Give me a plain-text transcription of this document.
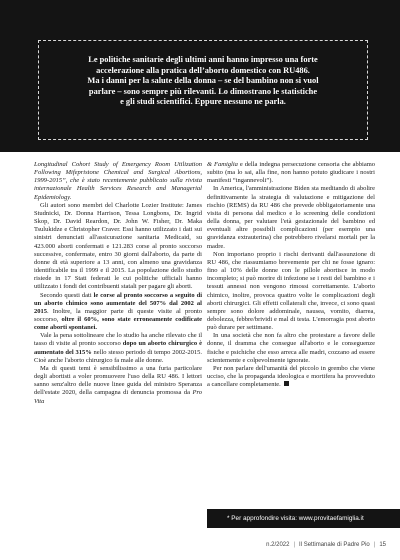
Le politiche sanitarie degli ultimi anni hanno impresso una forte
accelerazione alla pratica dell’aborto domestico con RU486.
Ma i danni per la salute della donna – se del bambino non si vuol
parlare – sono sempre più rilevanti. Lo dimostrano le statistiche
e gli studi scientifici. Eppure nessuno ne parla.

Longitudinal Cohort Study of Emergency Room Utilization Following Mifepristone Chemical and Surgical Abortions, 1999-2015”, che è stato recentemente pubblicato sulla rivista internazionale Health Services Research and Managerial Epidemiology.

Gli autori sono membri del Charlotte Lozier Institute: James Studnicki, Dr. Donna Harrison, Tessa Longbons, Dr. Ingrid Skop, Dr. David Reardon, Dr. John W. Fisher, Dr. Maka Tsulukidze e Christopher Craver. Essi hanno utilizzato i dati sui sinistri denunciati all'assicurazione sanitaria Medicaid, su 423.000 aborti confermati e 121.283 corse al pronto soccorso successive, confermate, entro 30 giorni dall'aborto, da parte di donne di età superiore a 13 anni, con almeno una gravidanza identificabile tra il 1999 e il 2015. La popolazione dello studio risiede in 17 Stati federati le cui politiche ufficiali hanno utilizzato i fondi dei contribuenti statali per pagare gli aborti.

Secondo questi dati le corse al pronto soccorso a seguito di un aborto chimico sono aumentate del 507% dal 2002 al 2015. Inoltre, la maggior parte di queste visite al pronto soccorso, oltre il 60%, sono state erroneamente codificate come aborti spontanei.

Vale la pena sottolineare che lo studio ha anche rilevato che il tasso di visite al pronto soccorso dopo un aborto chirurgico è aumentato del 315% nello stesso periodo di tempo 2002-2015. Cioè anche l'aborto chirurgico fa male alle donne.

Ma di questi temi è sensibilissimo a una furia particolare degli abortisti a voler promuovere l'uso della RU 486. I lettori sanno senz'altro delle nuove linee guida del ministro Speranza dell'estate 2020, della campagna di denuncia promossa da Pro Vita

& Famiglia e della indegna persecuzione censoria che abbiamo subito (ma lo sai, alla fine, non hanno potuto giudicare i nostri manifesti “ingannevoli”).

In America, l'amministrazione Biden sta meditando di abolire definitivamente la strategia di valutazione e mitigazione del rischio (REMS) da RU 486 che prevede obbligatoriamente una visita di persona dal medico e lo screening delle condizioni della donna, per valutare l'età gestazionale del bambino ed eventuali altre possibili complicazioni (per esempio una gravidanza extrauterina) che potrebbero rivelarsi mortali per la madre.

Non importano proprio i rischi derivanti dall'assunzione di RU 486, che riassumiamo brevemente per chi ne fosse ignaro: fino al 10% delle donne con le pillole abortisce in modo incompleto; si può morire di infezione se i resti del bambino e i tessuti annessi non vengono rimossi correttamente. L'aborto chimico, inoltre, provoca quattro volte le complicazioni degli aborti chirurgici. Gli effetti collaterali che, invece, ci sono quasi sempre sono dolore addominale, nausea, vomito, diarrea, debolezza, febbre/brividi e mal di testa. L'emorragia post aborto può durare per settimane.

In una società che non fa altro che protestare a favore delle donne, il dramma che consegue all'aborto e le conseguenze fisiche e psichiche che esso arreca alle madri, cozzano ad essere scientemente e colpevolmente ignorate.

Per non parlare dell'umanità del piccolo in grembo che viene ucciso, che la propaganda ideologica e mortifera ha provveduto a cancellare completamente.

* Per approfondire visita: www.provitaefamiglia.it
n.2/2022 | Il Settimanale di Padre Pio | 15
